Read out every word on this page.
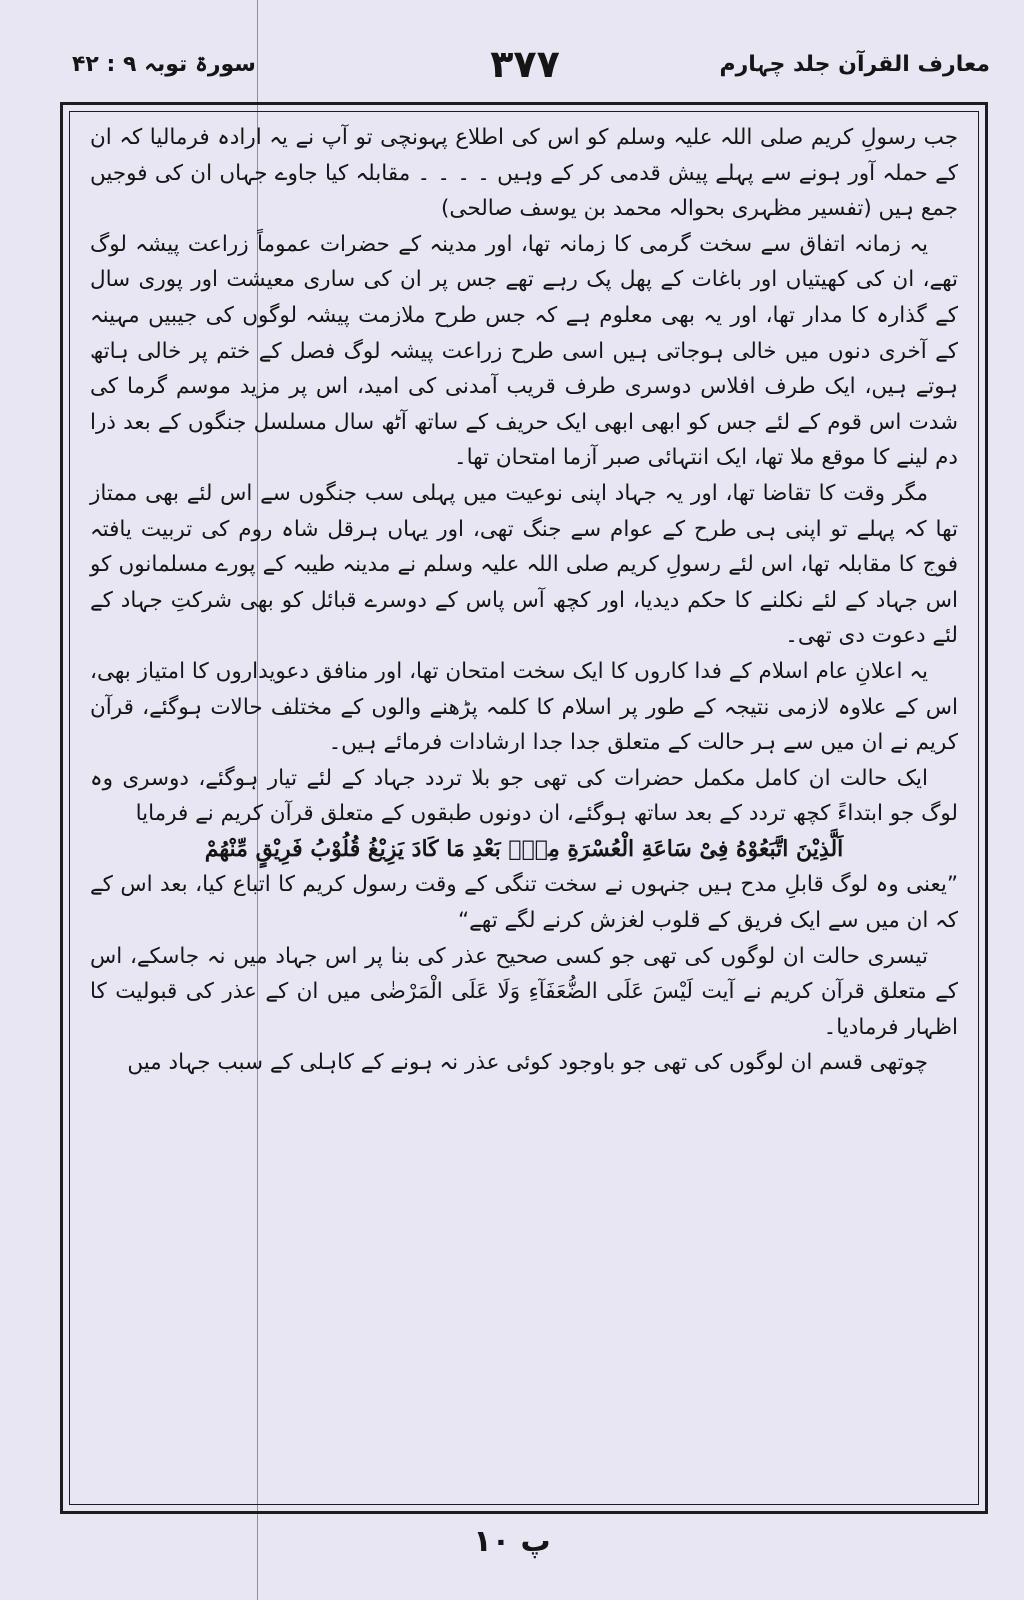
معارف القرآن جلد چہارم
۳۷۷
سورۃ توبہ ۹ : ۴۲

جب رسولِ کریم صلی اللہ علیہ وسلم کو اس کی اطلاع پہونچی تو آپ نے یہ ارادہ فرمالیا کہ ان کے حملہ آور ہونے سے پہلے پیش قدمی کر کے وہیں ۔ ۔ ۔ ۔ مقابلہ کیا جاوے جہاں ان کی فوجیں جمع ہیں (تفسیر مظہری بحوالہ محمد بن یوسف صالحی)

یہ زمانہ اتفاق سے سخت گرمی کا زمانہ تھا، اور مدینہ کے حضرات عموماً زراعت پیشہ لوگ تھے، ان کی کھیتیاں اور باغات کے پھل پک رہے تھے جس پر ان کی ساری معیشت اور پوری سال کے گذارہ کا مدار تھا، اور یہ بھی معلوم ہے کہ جس طرح ملازمت پیشہ لوگوں کی جیبیں مہینہ کے آخری دنوں میں خالی ہوجاتی ہیں اسی طرح زراعت پیشہ لوگ فصل کے ختم پر خالی ہاتھ ہوتے ہیں، ایک طرف افلاس دوسری طرف قریب آمدنی کی امید، اس پر مزید موسم گرما کی شدت اس قوم کے لئے جس کو ابھی ابھی ایک حریف کے ساتھ آٹھ سال مسلسل جنگوں کے بعد ذرا دم لینے کا موقع ملا تھا، ایک انتہائی صبر آزما امتحان تھا۔

مگر وقت کا تقاضا تھا، اور یہ جہاد اپنی نوعیت میں پہلی سب جنگوں سے اس لئے بھی ممتاز تھا کہ پہلے تو اپنی ہی طرح کے عوام سے جنگ تھی، اور یہاں ہرقل شاہ روم کی تربیت یافتہ فوج کا مقابلہ تھا، اس لئے رسولِ کریم صلی اللہ علیہ وسلم نے مدینہ طیبہ کے پورے مسلمانوں کو اس جہاد کے لئے نکلنے کا حکم دیدیا، اور کچھ آس پاس کے دوسرے قبائل کو بھی شرکتِ جہاد کے لئے دعوت دی تھی۔

یہ اعلانِ عام اسلام کے فدا کاروں کا ایک سخت امتحان تھا، اور منافق دعویداروں کا امتیاز بھی، اس کے علاوہ لازمی نتیجہ کے طور پر اسلام کا کلمہ پڑھنے والوں کے مختلف حالات ہوگئے، قرآن کریم نے ان میں سے ہر حالت کے متعلق جدا جدا ارشادات فرمائے ہیں۔

ایک حالت ان کامل مکمل حضرات کی تھی جو بلا تردد جہاد کے لئے تیار ہوگئے، دوسری وہ لوگ جو ابتداءً کچھ تردد کے بعد ساتھ ہوگئے، ان دونوں طبقوں کے متعلق قرآن کریم نے فرمایا

اَلَّذِیْنَ اتَّبَعُوْهُ فِیْ سَاعَةِ الْعُسْرَةِ مِنْۢ بَعْدِ مَا كَادَ یَزِیْغُ قُلُوْبُ فَرِیْقٍ مِّنْهُمْ

”یعنی وہ لوگ قابلِ مدح ہیں جنہوں نے سخت تنگی کے وقت رسول کریم کا اتباع کیا، بعد اس کے کہ ان میں سے ایک فریق کے قلوب لغزش کرنے لگے تھے“

تیسری حالت ان لوگوں کی تھی جو کسی صحیح عذر کی بنا پر اس جہاد میں نہ جاسکے، اس کے متعلق قرآن کریم نے آیت لَیْسَ عَلَى الضُّعَفَآءِ وَلَا عَلَى الْمَرْضٰى میں ان کے عذر کی قبولیت کا اظہار فرمادیا۔

چوتھی قسم ان لوگوں کی تھی جو باوجود کوئی عذر نہ ہونے کے کاہلی کے سبب جہاد میں

پ ۱۰
